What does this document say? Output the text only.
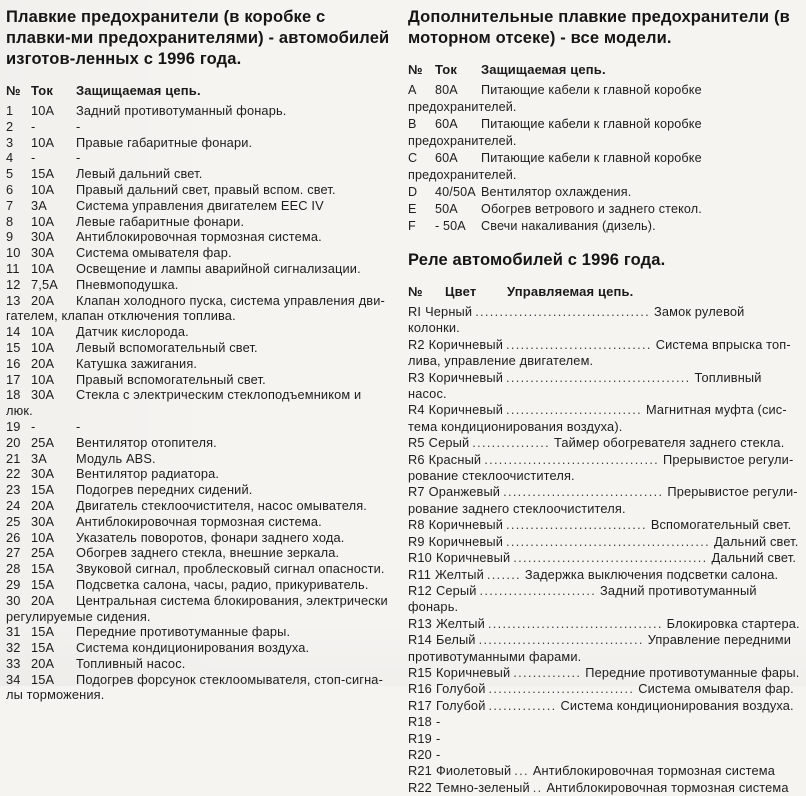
Плавкие предохранители (в коробке с плавки-ми предохранителями) - автомобилей изготов-ленных с 1996 года.
№ Ток Защищаемая цепь.
1 10А Задний противотуманный фонарь.
2 -	-
3 10А Правые габаритные фонари.
4 -	-
5 15А Левый дальний свет.
6 10А Правый дальний свет, правый вспом. свет.
7 3А Система управления двигателем EEC IV
8 10А Левые габаритные фонари.
9 30А Антиблокировочная тормозная система.
10 30А Система омывателя фар.
11 10А Освещение и лампы аварийной сигнализации.
12 7,5А Пневмоподушка.
13 20А Клапан холодного пуска, система управления дви-гателем, клапан отключения топлива.
14 10А Датчик кислорода.
15 10А Левый вспомогательный свет.
16 20А Катушка зажигания.
17 10А Правый вспомогательный свет.
18 30А Стекла с электрическим стеклоподъемником и люк.
19 -	-
20 25А Вентилятор отопителя.
21 3А Модуль ABS.
22 30А Вентилятор радиатора.
23 15А Подогрев передних сидений.
24 20А Двигатель стеклоочистителя, насос омывателя.
25 30А Антиблокировочная тормозная система.
26 10А Указатель поворотов, фонари заднего хода.
27 25А Обогрев заднего стекла, внешние зеркала.
28 15А Звуковой сигнал, проблесковый сигнал опасности.
29 15А Подсветка салона, часы, радио, прикуриватель.
30 20А Центральная система блокирования, электрически регулируемые сидения.
31 15А Передние противотуманные фары.
32 15А Система кондиционирования воздуха.
33 20А Топливный насос.
34 15А Подогрев форсунок стеклоомывателя, стоп-сигна-лы торможения.
Дополнительные плавкие предохранители (в моторном отсеке) - все модели.
№ Ток Защищаемая цепь.
A 80А Питающие кабели к главной коробке предохранителей.
B 60А Питающие кабели к главной коробке предохранителей.
C 60А Питающие кабели к главной коробке предохранителей.
D 40/50А Вентилятор охлаждения.
E 50А Обогрев ветрового и заднего стекол.
F - 50А Свечи накаливания (дизель).
Реле автомобилей с 1996 года.
№ Цвет Управляемая цепь.
RI Черный .................................... Замок рулевой колонки.
R2 Коричневый .............................. Система впрыска топ-лива, управление двигателем.
R3 Коричневый ...................................... Топливный насос.
R4 Коричневый ............................ Магнитная муфта (сис-тема кондиционирования воздуха).
R5 Серый ................ Таймер обогревателя заднего стекла.
R6 Красный .................................... Прерывистое регули-рование стеклоочистителя.
R7 Оранжевый ................................. Прерывистое регули-рование заднего стеклоочистителя.
R8 Коричневый ............................. Вспомогательный свет.
R9 Коричневый .......................................... Дальний свет.
R10 Коричневый ........................................ Дальний свет.
R11 Желтый ....... Задержка выключения подсветки салона.
R12 Серый ........................ Задний противотуманный фонарь.
R13 Желтый .................................... Блокировка стартера.
R14 Белый .................................. Управление передними противотуманными фарами.
R15 Коричневый .............. Передние противотуманные фары.
R16 Голубой .............................. Система омывателя фар.
R17 Голубой .............. Система кондиционирования воздуха.
R18 -
R19 -
R20 -
R21 Фиолетовый ... Антиблокировочная тормозная система
R22 Темно-зеленый .. Антиблокировочная тормозная система
